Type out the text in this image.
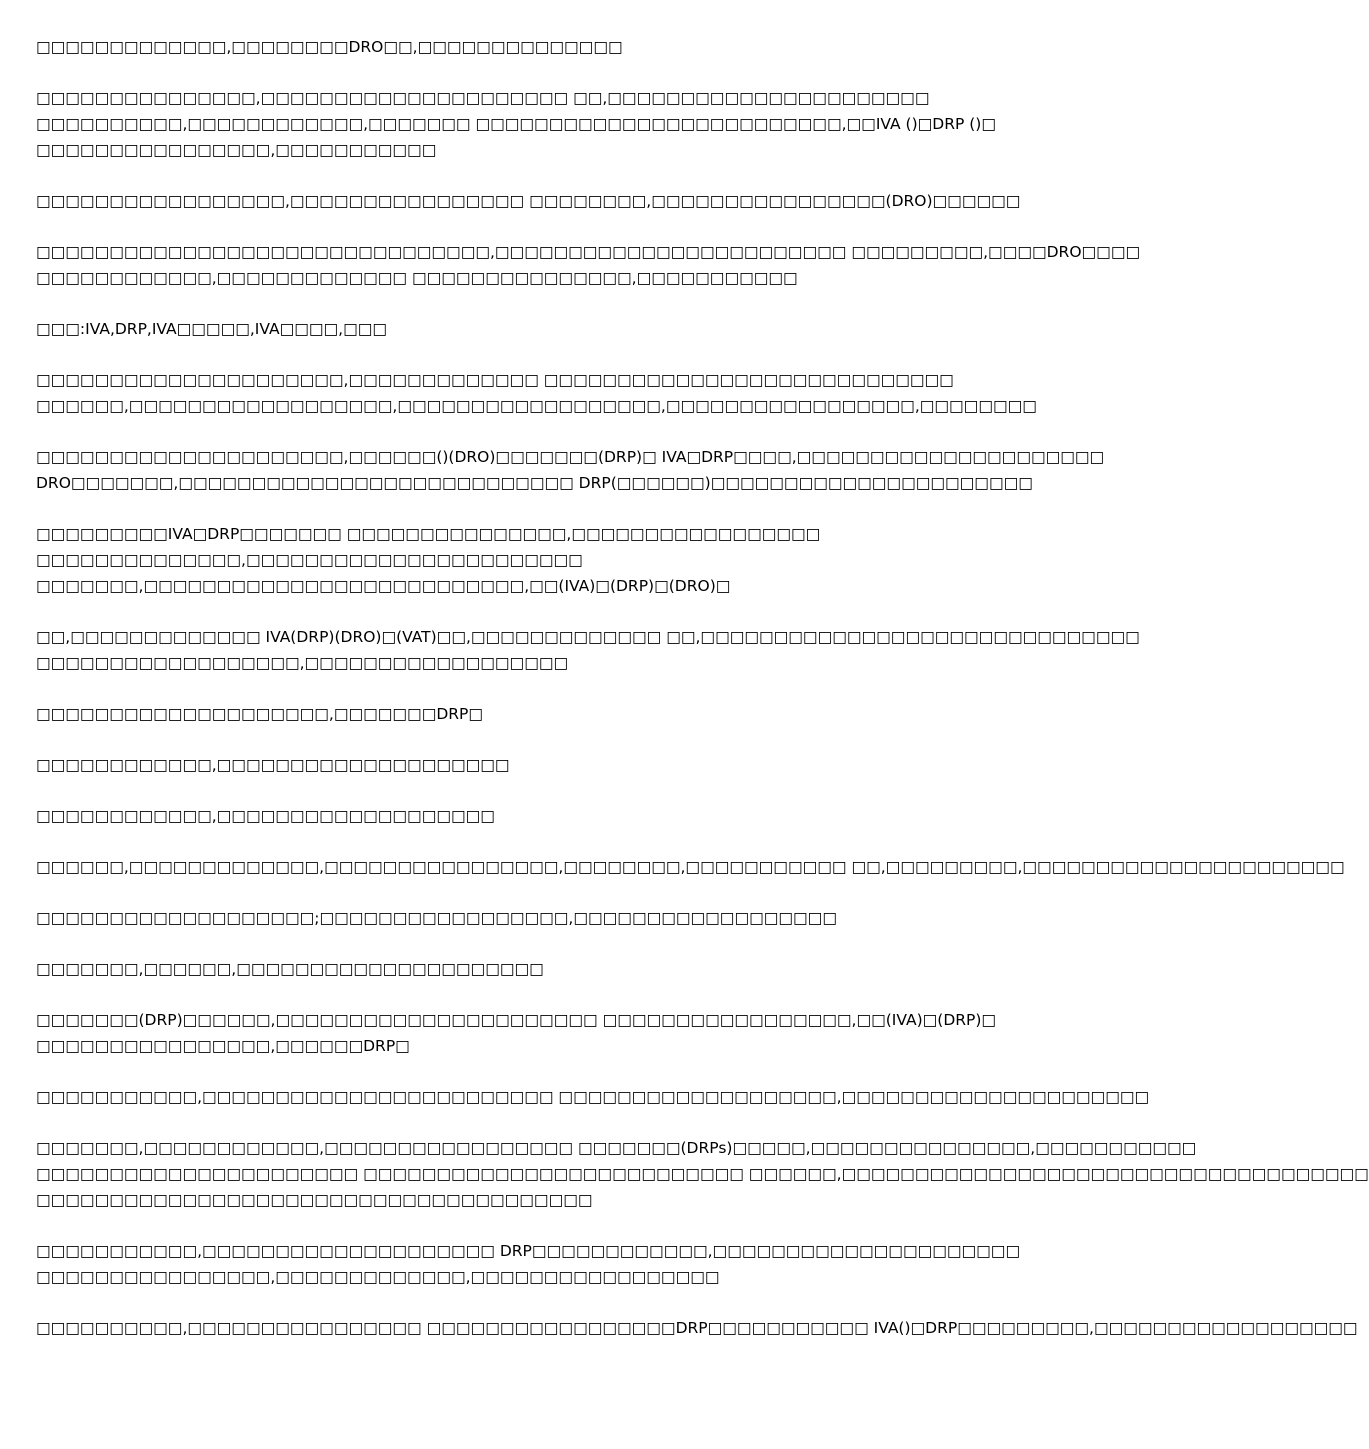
□□□□□□□□□□□□□,□□□□□□□□DRO□□,□□□□□□□□□□□□□□

□□□□□□□□□□□□□□□,□□□□□□□□□□□□□□□□□□□□□ □□,□□□□□□□□□□□□□□□□□□□□□□
□□□□□□□□□□,□□□□□□□□□□□□,□□□□□□□ □□□□□□□□□□□□□□□□□□□□□□□□□,□□IVA ()□DRP ()□
□□□□□□□□□□□□□□□□,□□□□□□□□□□□

□□□□□□□□□□□□□□□□□,□□□□□□□□□□□□□□□□ □□□□□□□□,□□□□□□□□□□□□□□□□(DRO)□□□□□□

□□□□□□□□□□□□□□□□□□□□□□□□□□□□□□□,□□□□□□□□□□□□□□□□□□□□□□□□ □□□□□□□□□,□□□□DRO□□□□
□□□□□□□□□□□□,□□□□□□□□□□□□□ □□□□□□□□□□□□□□□,□□□□□□□□□□□

□□□:IVA,DRP,IVA□□□□□,IVA□□□□,□□□

□□□□□□□□□□□□□□□□□□□□□,□□□□□□□□□□□□□ □□□□□□□□□□□□□□□□□□□□□□□□□□□□
□□□□□□,□□□□□□□□□□□□□□□□□□,□□□□□□□□□□□□□□□□□□,□□□□□□□□□□□□□□□□□,□□□□□□□□

□□□□□□□□□□□□□□□□□□□□□,□□□□□□()(DRO)□□□□□□□(DRP)□ IVA□DRP□□□□,□□□□□□□□□□□□□□□□□□□□□
DRO□□□□□□□,□□□□□□□□□□□□□□□□□□□□□□□□□□□ DRP(□□□□□□)□□□□□□□□□□□□□□□□□□□□□□

□□□□□□□□□IVA□DRP□□□□□□□ □□□□□□□□□□□□□□□,□□□□□□□□□□□□□□□□□
□□□□□□□□□□□□□□,□□□□□□□□□□□□□□□□□□□□□□□
□□□□□□□,□□□□□□□□□□□□□□□□□□□□□□□□□□,□□(IVA)□(DRP)□(DRO)□

□□,□□□□□□□□□□□□□ IVA(DRP)(DRO)□(VAT)□□,□□□□□□□□□□□□□ □□,□□□□□□□□□□□□□□□□□□□□□□□□□□□□□□
□□□□□□□□□□□□□□□□□□,□□□□□□□□□□□□□□□□□□

□□□□□□□□□□□□□□□□□□□□,□□□□□□□DRP□

□□□□□□□□□□□□,□□□□□□□□□□□□□□□□□□□□

□□□□□□□□□□□□,□□□□□□□□□□□□□□□□□□□

□□□□□□,□□□□□□□□□□□□□,□□□□□□□□□□□□□□□□,□□□□□□□□,□□□□□□□□□□□ □□,□□□□□□□□□,□□□□□□□□□□□□□□□□□□□□□□

□□□□□□□□□□□□□□□□□□□;□□□□□□□□□□□□□□□□□,□□□□□□□□□□□□□□□□□□

□□□□□□□,□□□□□□,□□□□□□□□□□□□□□□□□□□□□

□□□□□□□(DRP)□□□□□□,□□□□□□□□□□□□□□□□□□□□□□ □□□□□□□□□□□□□□□□□,□□(IVA)□(DRP)□
□□□□□□□□□□□□□□□□,□□□□□□DRP□

□□□□□□□□□□□,□□□□□□□□□□□□□□□□□□□□□□□□ □□□□□□□□□□□□□□□□□□□,□□□□□□□□□□□□□□□□□□□□□

□□□□□□□,□□□□□□□□□□□□,□□□□□□□□□□□□□□□□□ □□□□□□□(DRPs)□□□□□,□□□□□□□□□□□□□□□,□□□□□□□□□□□
□□□□□□□□□□□□□□□□□□□□□□ □□□□□□□□□□□□□□□□□□□□□□□□□□ □□□□□□,□□□□□□□□□□□□□□□□□□□□□□□□□□□□□□□□□□□□
□□□□□□□□□□□□□□□□□□□□□□□□□□□□□□□□□□□□□□

□□□□□□□□□□□,□□□□□□□□□□□□□□□□□□□□ DRP□□□□□□□□□□□□,□□□□□□□□□□□□□□□□□□□□□
□□□□□□□□□□□□□□□□,□□□□□□□□□□□□□,□□□□□□□□□□□□□□□□□

□□□□□□□□□□,□□□□□□□□□□□□□□□□ □□□□□□□□□□□□□□□□□DRP□□□□□□□□□□□ IVA()□DRP□□□□□□□□□,□□□□□□□□□□□□□□□□□□
